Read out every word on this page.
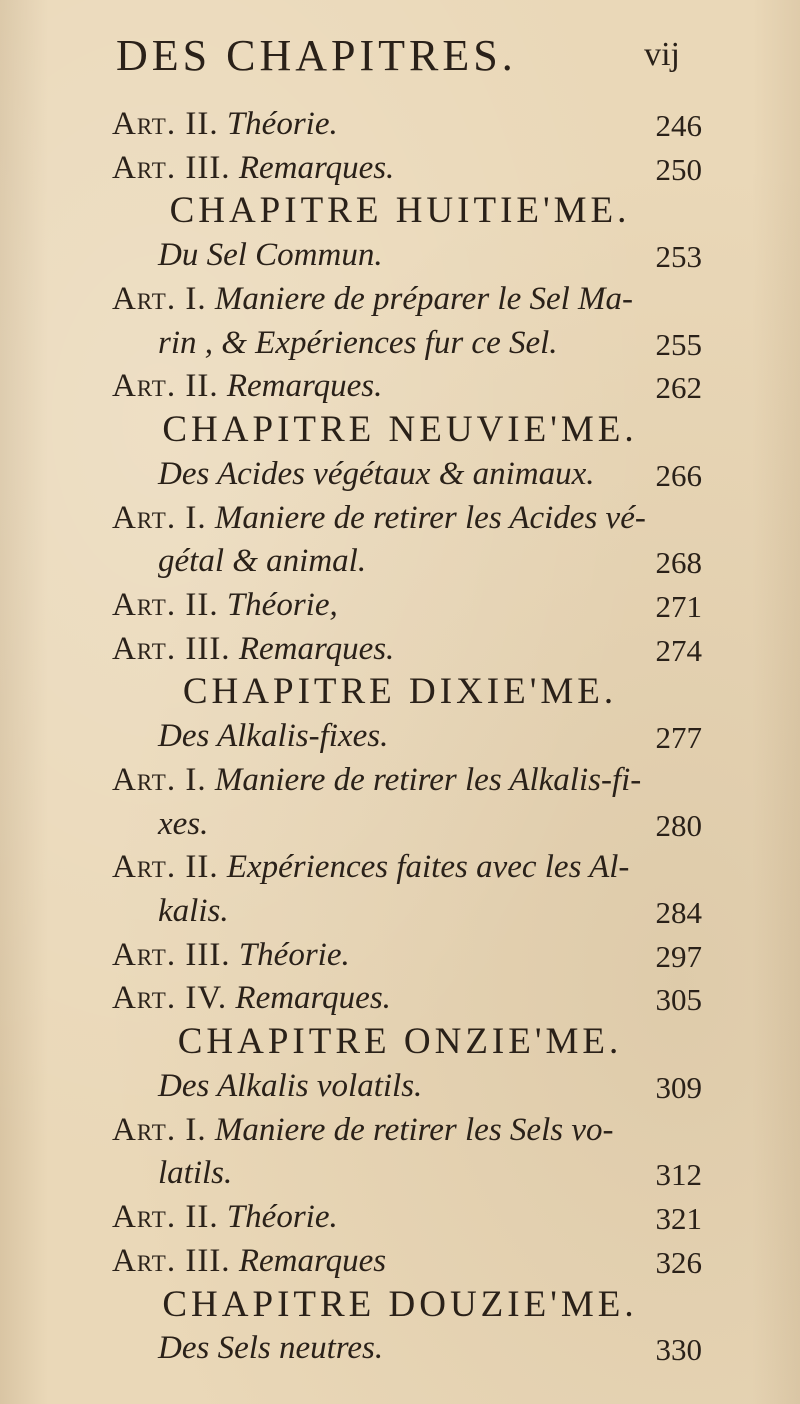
DES CHAPITRES.	vij
Art. II. Théorie.	246
Art. III. Remarques.	250
CHAPITRE HUITIE'ME.
Du Sel Commun.	253
Art. I. Maniere de préparer le Sel Ma-
rin , & Expériences fur ce Sel.	255
Art. II. Remarques.	262
CHAPITRE NEUVIE'ME.
Des Acides végétaux & animaux. 266
Art. I. Maniere de retirer les Acides vé-
gétal & animal.	268
Art. II. Théorie,	271
Art. III. Remarques.	274
CHAPITRE DIXIE'ME.
Des Alkalis-fixes.	277
Art. I. Maniere de retirer les Alkalis-fi-
xes.	280
Art. II. Expériences faites avec les Al-
kalis.	284
Art. III. Théorie.	297
Art. IV. Remarques.	305
CHAPITRE ONZIE'ME.
Des Alkalis volatils.	309
Art. I. Maniere de retirer les Sels vo-
latils.	312
Art. II. Théorie.	321
Art. III. Remarques	326
CHAPITRE DOUZIE'ME.
Des Sels neutres.	330
